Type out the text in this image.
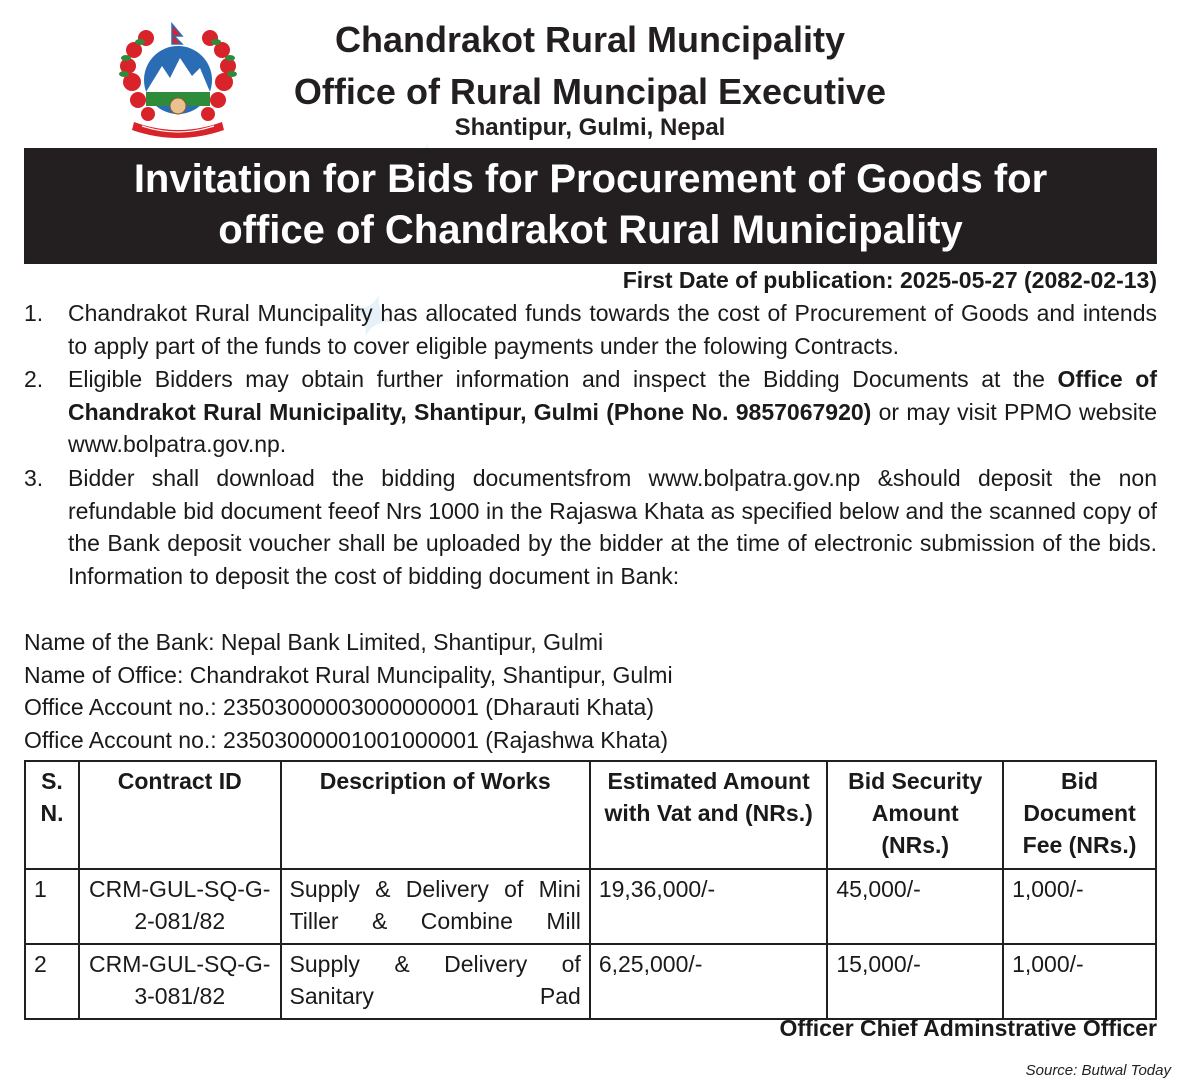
Chandrakot Rural Muncipality
Office of Rural Muncipal Executive
Shantipur, Gulmi, Nepal
Invitation for Bids for Procurement of Goods for
office of Chandrakot Rural Municipality
First Date of publication: 2025-05-27 (2082-02-13)
1.	Chandrakot Rural Muncipality has allocated funds towards the cost of Procurement of Goods and intends to apply part of the funds to cover eligible payments under the folowing Contracts.
2.	Eligible Bidders may obtain further information and inspect the Bidding Documents at the Office of Chandrakot Rural Municipality, Shantipur, Gulmi (Phone No. 9857067920) or may visit PPMO website www.bolpatra.gov.np.
3.	Bidder shall download the bidding documentsfrom www.bolpatra.gov.np &should deposit the non refundable bid document feeof Nrs 1000 in the Rajaswa Khata as specified below and the scanned copy of the Bank deposit voucher shall be uploaded by the bidder at the time of electronic submission of the bids. Information to deposit the cost of bidding document in Bank:
Name of the Bank: Nepal Bank Limited, Shantipur, Gulmi
Name of Office: Chandrakot Rural Muncipality, Shantipur, Gulmi
Office Account no.: 23503000003000000001 (Dharauti Khata)
Office Account no.: 23503000001001000001 (Rajashwa Khata)
S. N.	Contract ID	Description of Works	Estimated Amount with Vat and (NRs.)	Bid Security Amount (NRs.)	Bid Document Fee (NRs.)
1	CRM-GUL-SQ-G-2-081/82	Supply & Delivery of Mini Tiller & Combine Mill	19,36,000/-	45,000/-	1,000/-
2	CRM-GUL-SQ-G-3-081/82	Supply & Delivery of Sanitary Pad	6,25,000/-	15,000/-	1,000/-
Officer Chief Adminstrative Officer
Source: Butwal Today
